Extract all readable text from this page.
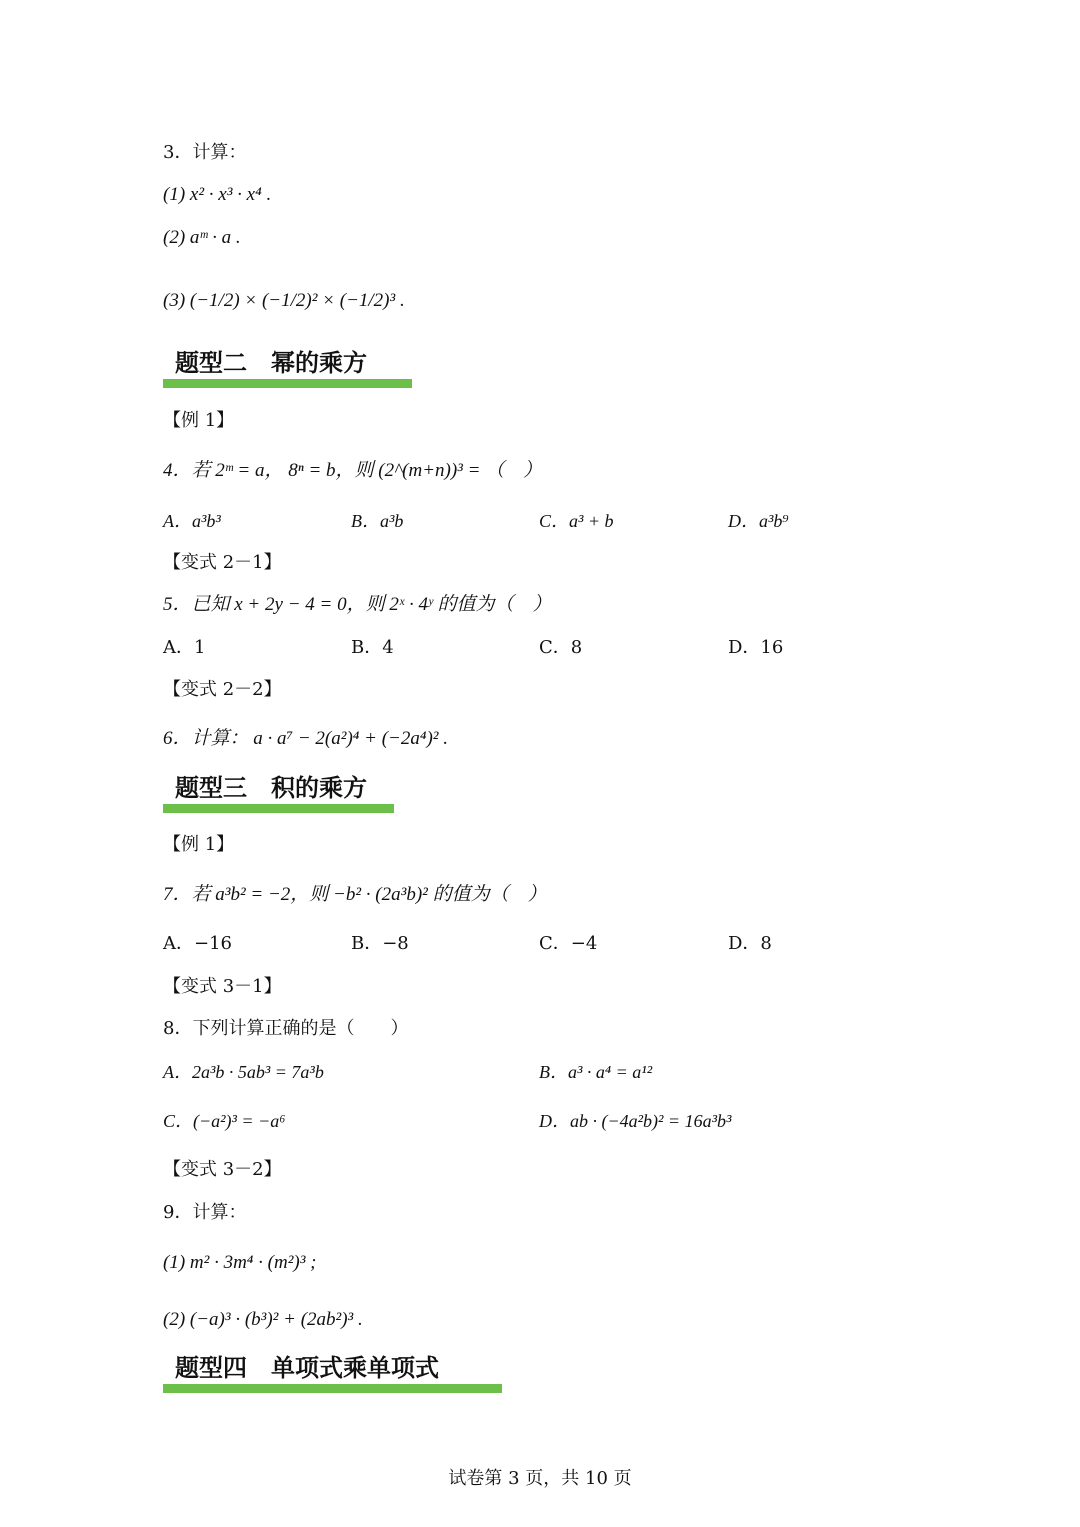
3．计算：
(1) x² · x³ · x⁴ .
(2) aᵐ · a .
(3) (−1/2) × (−1/2)² × (−1/2)³ .
题型二　幂的乘方
【例 1】
4．若 2ᵐ = a， 8ⁿ = b，则 (2^(m+n))³ = （　）
A．a³b³	B．a³b	C．a³ + b	D．a³b⁹
【变式 2－1】
5．已知 x + 2y − 4 = 0，则 2ˣ · 4ʸ 的值为（　）
A．1	B．4	C．8	D．16
【变式 2－2】
6．计算： a · a⁷ − 2(a²)⁴ + (−2a⁴)² .
题型三　积的乘方
【例 1】
7．若 a³b² = −2，则 −b² · (2a³b)² 的值为（　）
A．−16	B．−8	C．−4	D．8
【变式 3－1】
8．下列计算正确的是（　　）
A．2a³b · 5ab³ = 7a³b	B．a³ · a⁴ = a¹²
C．(−a²)³ = −a⁶	D．ab · (−4a²b)² = 16a³b³
【变式 3－2】
9．计算：
(1) m² · 3m⁴ · (m²)³ ;
(2) (−a)³ · (b³)² + (2ab²)³ .
题型四　单项式乘单项式
试卷第 3 页，共 10 页
